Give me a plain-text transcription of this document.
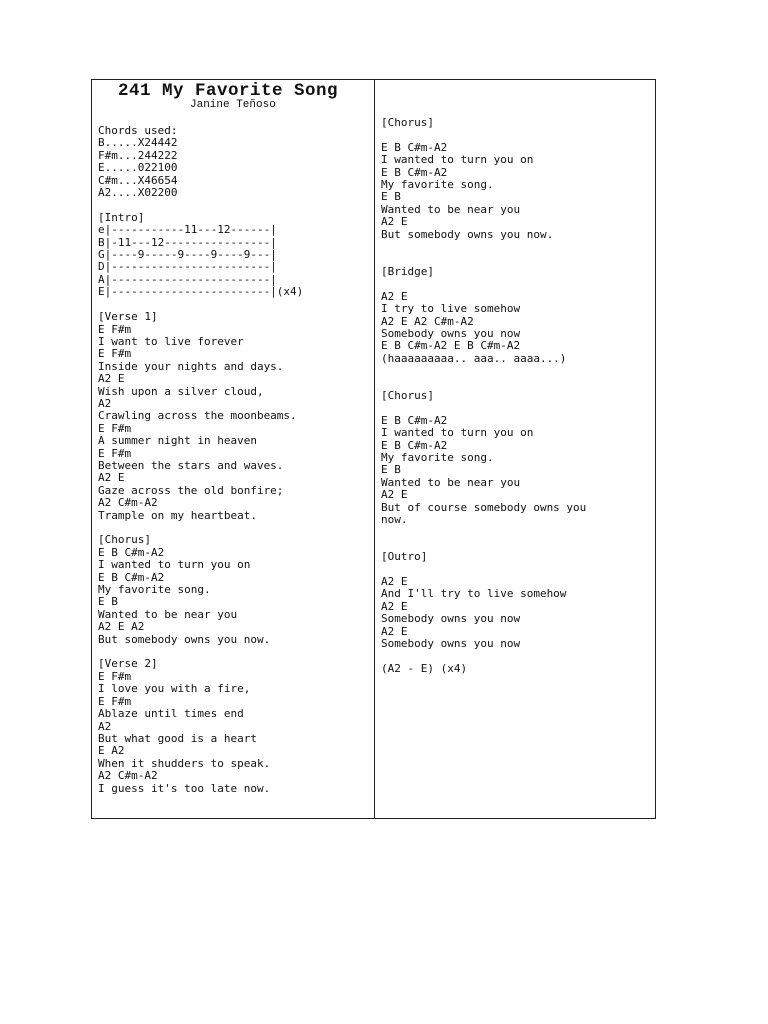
241 My Favorite Song
Janine Teñoso
Chords used:
B.....X24442
F#m...244222
E.....022100
C#m...X46654
A2....X02200

[Intro]
e|-----------11---12------|
B|-11---12----------------|
G|----9-----9----9----9---|
D|------------------------|
A|------------------------|
E|------------------------|(x4)

[Verse 1]
E F#m
I want to live forever
E F#m
Inside your nights and days.
A2 E
Wish upon a silver cloud,
A2
Crawling across the moonbeams.
E F#m
A summer night in heaven
E F#m
Between the stars and waves.
A2 E
Gaze across the old bonfire;
A2 C#m-A2
Trample on my heartbeat.

[Chorus]
E B C#m-A2
I wanted to turn you on
E B C#m-A2
My favorite song.
E B
Wanted to be near you
A2 E A2
But somebody owns you now.

[Verse 2]
E F#m
I love you with a fire,
E F#m
Ablaze until times end
A2
But what good is a heart
E A2
When it shudders to speak.
A2 C#m-A2
I guess it's too late now.
[Chorus]

E B C#m-A2
I wanted to turn you on
E B C#m-A2
My favorite song.
E B
Wanted to be near you
A2 E
But somebody owns you now.

[Bridge]

A2 E
I try to live somehow
A2 E A2 C#m-A2
Somebody owns you now
E B C#m-A2 E B C#m-A2
(haaaaaaaaa.. aaa.. aaaa...)

[Chorus]

E B C#m-A2
I wanted to turn you on
E B C#m-A2
My favorite song.
E B
Wanted to be near you
A2 E
But of course somebody owns you
now.

[Outro]

A2 E
And I'll try to live somehow
A2 E
Somebody owns you now
A2 E
Somebody owns you now

(A2 - E) (x4)
